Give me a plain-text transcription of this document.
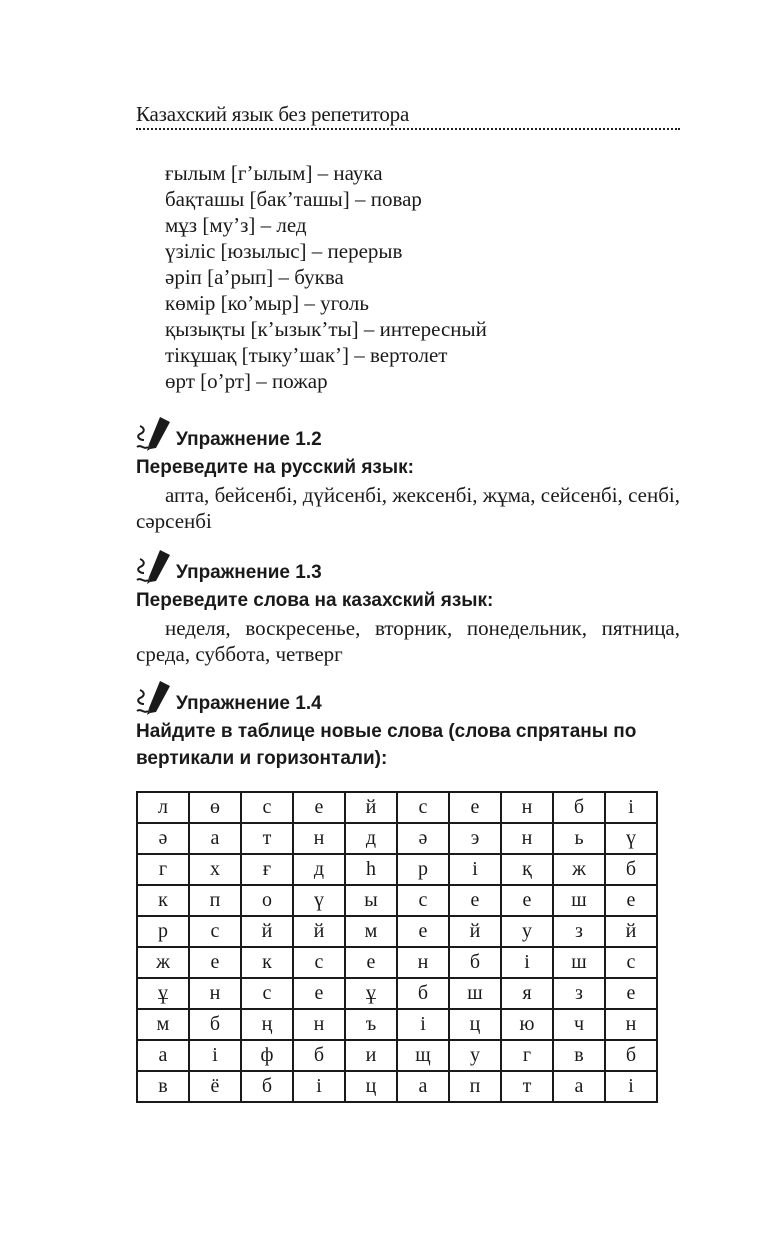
Казахский язык без репетитора
ғылым [г’ылым] – наука
бақташы [бак’ташы] – повар
мұз [му’з] – лед
үзіліс [юзылыс] – перерыв
әріп [а’рып] – буква
көмір [ко’мыр] – уголь
қызықты [к’ызык’ты] – интересный
тікұшақ [тыку’шак’] – вертолет
өрт [о’рт] – пожар
Упражнение 1.2
Переведите на русский язык:
апта, бейсенбі, дүйсенбі, жексенбі, жұма, сейсенбі, сенбі, сәрсенбі
Упражнение 1.3
Переведите слова на казахский язык:
неделя, воскресенье, вторник, понедельник, пятница, среда, суббота, четверг
Упражнение 1.4
Найдите в таблице новые слова (слова спрятаны по вертикали и горизонтали):
л	ө	с	е	й	с	е	н	б	і
ә	а	т	н	д	ә	э	н	ь	ү
г	х	ғ	д	һ	р	і	қ	ж	б
к	п	о	ү	ы	с	е	е	ш	е
р	с	й	й	м	е	й	у	з	й
ж	е	к	с	е	н	б	і	ш	с
ұ	н	с	е	ұ	б	ш	я	з	е
м	б	ң	н	ъ	і	ц	ю	ч	н
а	і	ф	б	и	щ	у	г	в	б
в	ё	б	і	ц	а	п	т	а	і
